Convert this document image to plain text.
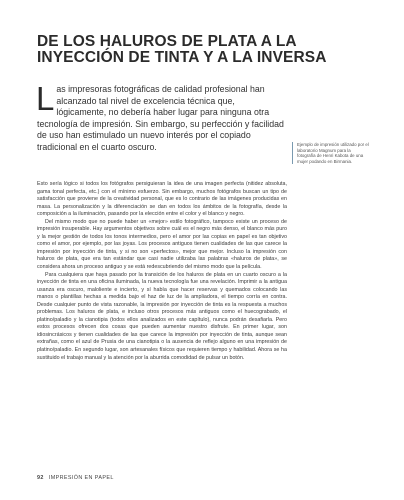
DE LOS HALUROS DE PLATA A LA
INYECCIÓN DE TINTA Y A LA INVERSA
Las impresoras fotográficas de calidad profesional han alcanzado tal nivel de excelencia técnica que, lógicamente, no debería haber lugar para ninguna otra tecnología de impresión. Sin embargo, su perfección y facilidad de uso han estimulado un nuevo interés por el copiado tradicional en el cuarto oscuro.	Ejemplo de impresión utilizado por el laboratorio Magnum para la fotografía de Henri Kabota de una mujer podando en Birmania.

Esto sería lógico si todos los fotógrafos persiguieran la idea de una imagen perfecta (nitidez absoluta, gama tonal perfecta, etc.) con el mínimo esfuerzo. Sin embargo, muchos fotógrafos buscan un tipo de satisfacción que proviene de la creatividad personal, que es lo contrario de las imágenes producidas en masa. La personalización y la diferenciación se dan en todos los ámbitos de la fotografía, desde la composición a la iluminación, pasando por la elección entre el color y el blanco y negro.

Del mismo modo que no puede haber un «mejor» estilo fotográfico, tampoco existe un proceso de impresión insuperable. Hay argumentos objetivos sobre cuál es el negro más denso, el blanco más puro y la mejor gestión de todos los tonos intermedios, pero el amor por las copias en papel es tan objetivo como el amor, por ejemplo, por las joyas. Los procesos antiguos tienen cualidades de las que carece la impresión por inyección de tinta, y si no son «perfectos», mejor que mejor. Incluso la impresión con haluros de plata, que era tan estándar que casi nadie utilizaba las palabras «haluros de plata», se considera ahora un proceso antiguo y se está redescubriendo del mismo modo que la película.

Para cualquiera que haya pasado por la transición de los haluros de plata en un cuarto oscuro a la inyección de tinta en una oficina iluminada, la nueva tecnología fue una revelación. Imprimir a la antigua usanza era oscuro, maloliente e incierto, y sí había que hacer reservas y quemados colocando las manos o plantillas hechas a medida bajo el haz de luz de la ampliadora, el tiempo corría en contra. Desde cualquier punto de vista razonable, la impresión por inyección de tinta es la respuesta a muchos problemas. Los haluros de plata, e incluso otros procesos más antiguos como el huecograbado, el platino/paladio y la cianotipia (todos ellos analizados en este capítulo), nunca podrán desafiarla. Pero estos procesos ofrecen dos cosas que pueden aumentar nuestro disfrute. En primer lugar, son idiosincrásicos y tienen cualidades de las que carece la impresión por inyección de tinta, aunque sean extrañas, como el azul de Prusia de una cianotipia o la ausencia de reflejo alguno en una impresión de platino/paladio. En segundo lugar, son artesanales físicos que requieren tiempo y habilidad. Ahora se ha sustituido el trabajo manual y la atención por la aburrida comodidad de pulsar un botón.

92 IMPRESIÓN EN PAPEL
